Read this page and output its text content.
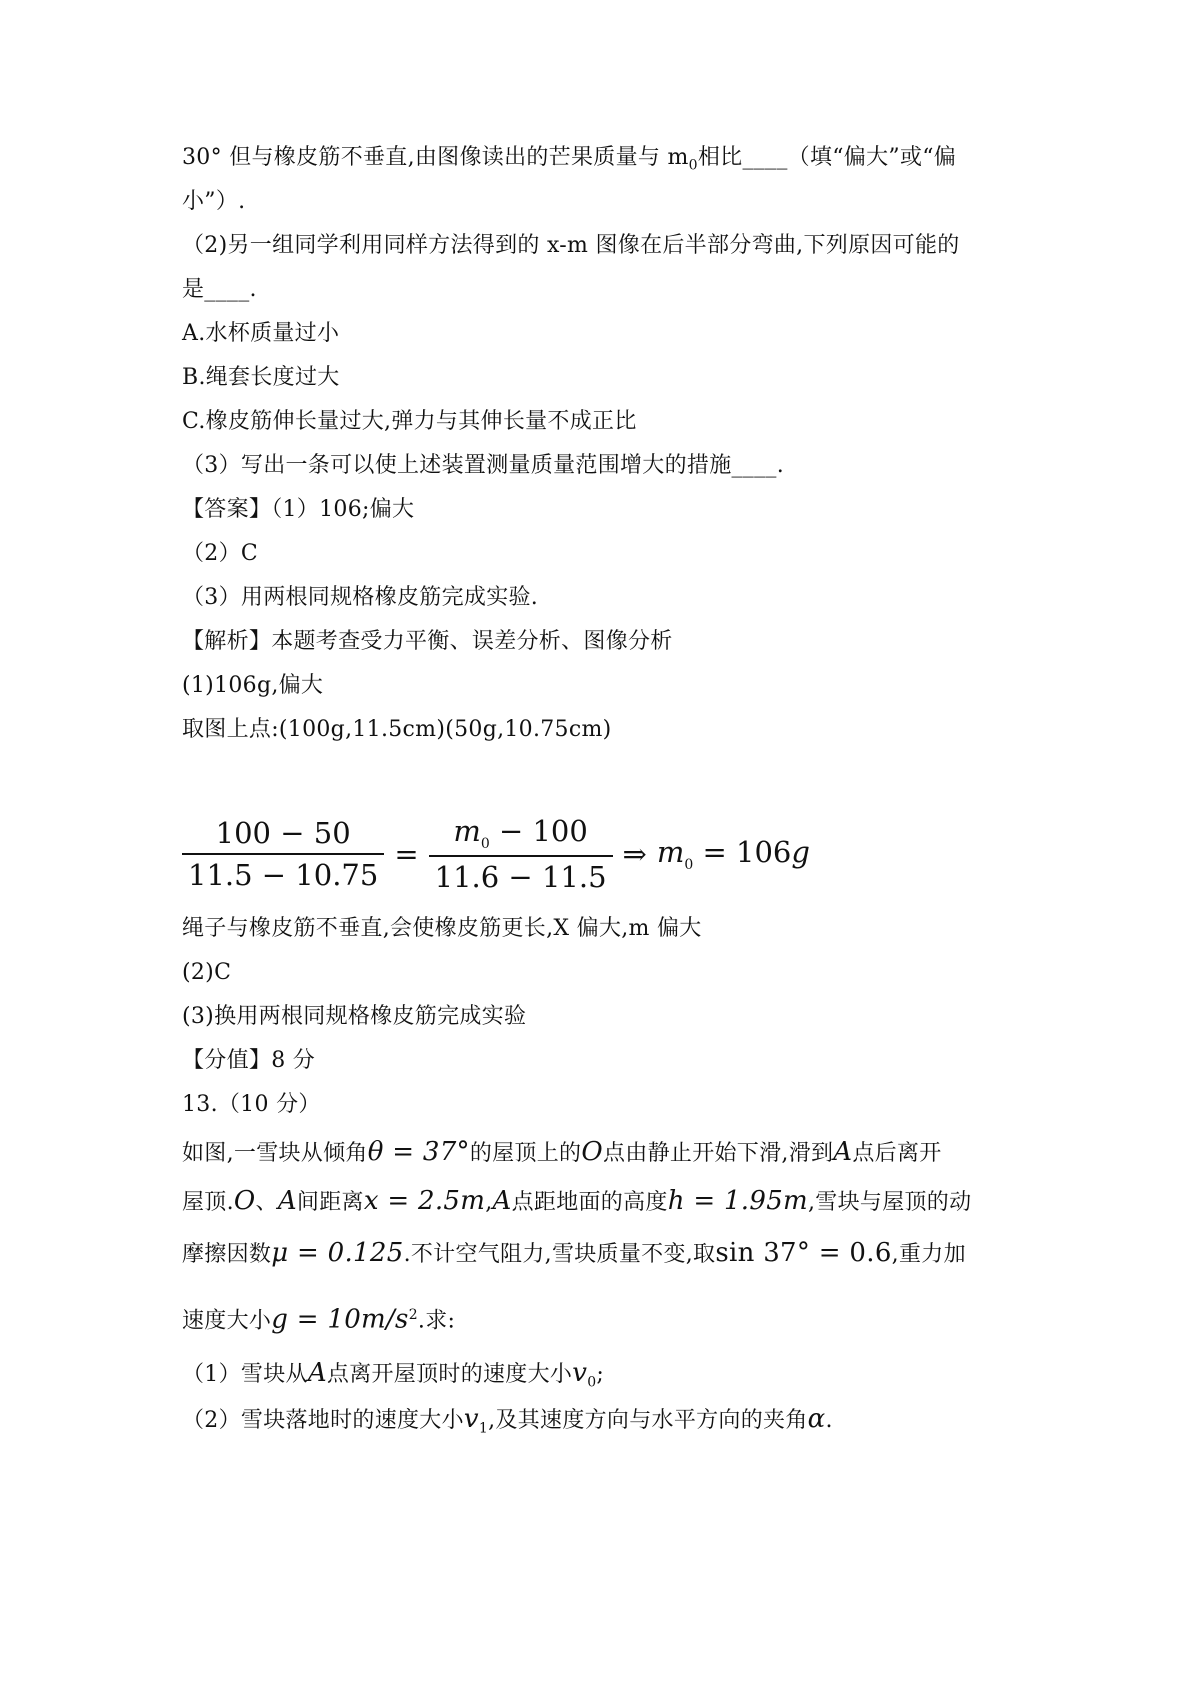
30° 但与橡皮筋不垂直,由图像读出的芒果质量与 $m_0$相比____（填“偏大”或“偏
小”）.
（2)另一组同学利用同样方法得到的 x-m 图像在后半部分弯曲,下列原因可能的
是____.
A.水杯质量过小
B.绳套长度过大
C.橡皮筋伸长量过大,弹力与其伸长量不成正比
（3）写出一条可以使上述装置测量质量范围增大的措施____.
【答案】（1）106;偏大
（2）C
（3）用两根同规格橡皮筋完成实验.
【解析】本题考查受力平衡、误差分析、图像分析
(1)106g,偏大
取图上点:(100g,11.5cm)(50g,10.75cm)
$\frac{100 - 50}{11.5 - 10.75} = \frac{m_0 - 100}{11.6 - 11.5}$ ⇒ $m_0 = 106g$
绳子与橡皮筋不垂直,会使橡皮筋更长,X 偏大,m 偏大
(2)C
(3)换用两根同规格橡皮筋完成实验
【分值】8 分
13.（10 分）
如图,一雪块从倾角θ = 37°的屋顶上的O点由静止开始下滑,滑到A点后离开
屋顶.O、A间距离x = 2.5m,A点距地面的高度h = 1.95m,雪块与屋顶的动
摩擦因数μ = 0.125.不计空气阻力,雪块质量不变,取sin 37° = 0.6,重力加
速度大小$g = 10m/s^2$.求:
（1）雪块从A点离开屋顶时的速度大小$v_0$;
（2）雪块落地时的速度大小$v_1$,及其速度方向与水平方向的夹角α.
